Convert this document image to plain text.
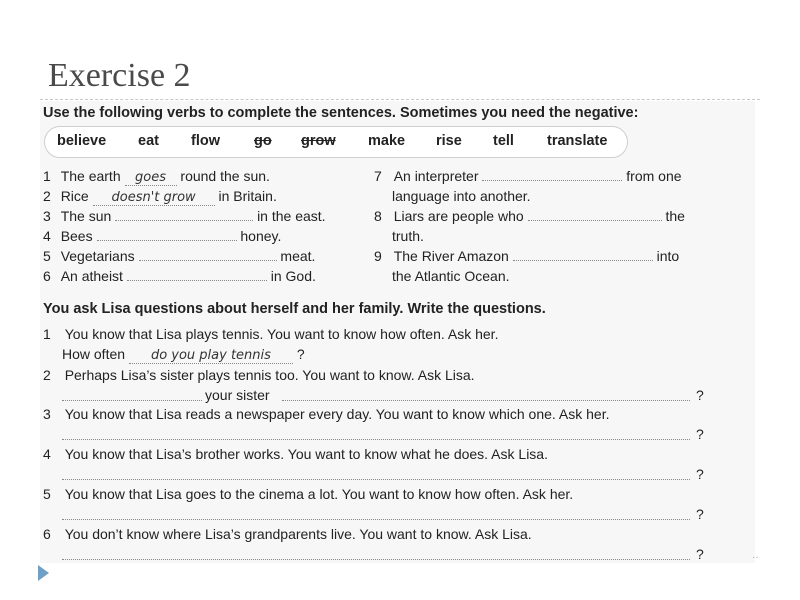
Exercise 2
Use the following verbs to complete the sentences. Sometimes you need the negative:
believe eat flow go grow make rise tell translate
1 The earth goes round the sun.
2 Rice doesn't grow in Britain.
3 The sun	in the east.
4 Bees	honey.
5 Vegetarians	meat.
6 An atheist	in God.
7 An interpreter	from one
language into another.
8 Liars are people who	the
truth.
9 The River Amazon	into
the Atlantic Ocean.
You ask Lisa questions about herself and her family. Write the questions.
1 You know that Lisa plays tennis. You want to know how often. Ask her.
How often do you play tennis ?
2 Perhaps Lisa’s sister plays tennis too. You want to know. Ask Lisa.
your sister	?
3 You know that Lisa reads a newspaper every day. You want to know which one. Ask her.
?
4 You know that Lisa’s brother works. You want to know what he does. Ask Lisa.
?
5 You know that Lisa goes to the cinema a lot. You want to know how often. Ask her.
?
6 You don’t know where Lisa’s grandparents live. You want to know. Ask Lisa.
?	··
